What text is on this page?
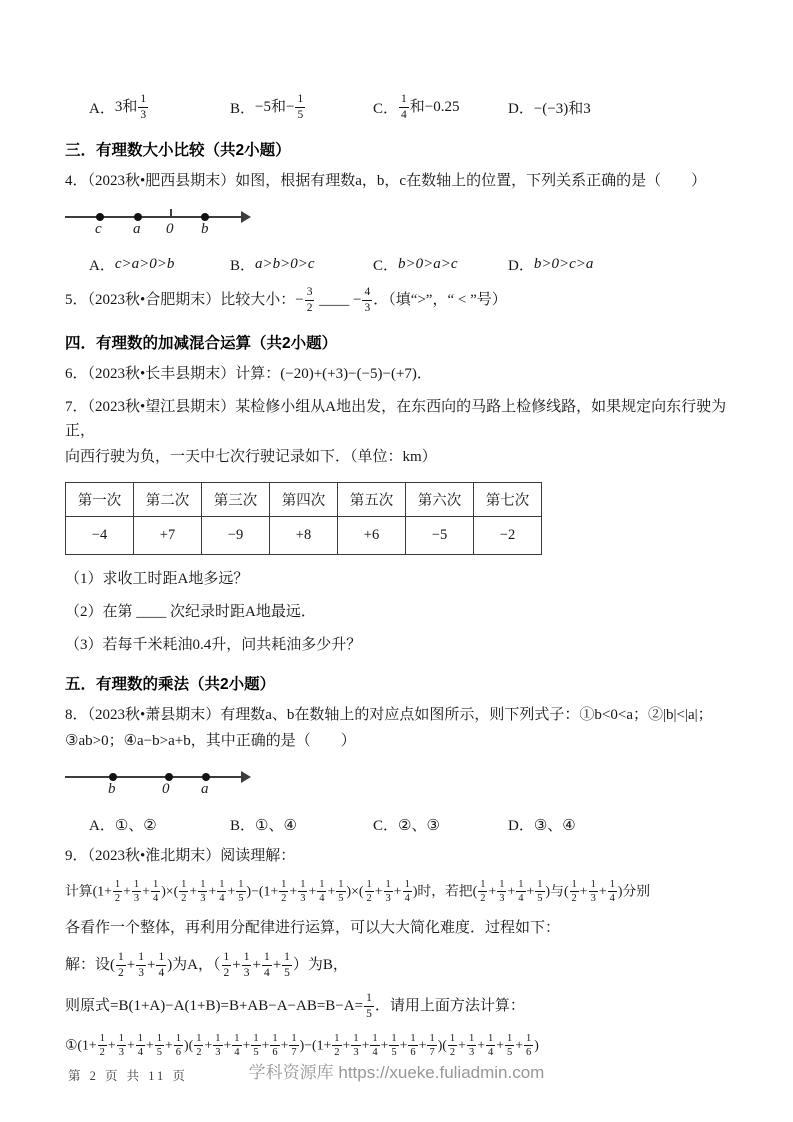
A． 3和 $\frac{1}{3}$	B． −5和− $\frac{1}{5}$	C． $\frac{1}{4}$ 和−0.25	D． −(−3)和3
三．有理数大小比较（共2小题）
4．（2023秋•肥西县期末）如图，根据有理数a，b，c在数轴上的位置，下列关系正确的是（　　）
c a 0 b
A． c>a>0>b	B． a>b>0>c	C． b>0>a>c	D． b>0>c>a
5．（2023秋•合肥期末）比较大小：− $\frac{3}{2}$ ____ − $\frac{4}{3}$ ．（填“>”，“ < ”号）
四．有理数的加减混合运算（共2小题）
6．（2023秋•长丰县期末）计算：(−20)+(+3)−(−5)−(+7)．
7．（2023秋•望江县期末）某检修小组从A地出发，在东西向的马路上检修线路，如果规定向东行驶为正，
向西行驶为负，一天中七次行驶记录如下．（单位：km）
第一次	第二次	第三次	第四次	第五次	第六次	第七次
−4	+7	−9	+8	+6	−5	−2
（1）求收工时距A地多远？
（2）在第 ____ 次纪录时距A地最远．
（3）若每千米耗油0.4升，问共耗油多少升？
五．有理数的乘法（共2小题）
8．（2023秋•萧县期末）有理数a、b在数轴上的对应点如图所示，则下列式子：①b<0<a；②|b|<|a|；
③ab>0；④a−b>a+b，其中正确的是（　　）
b	0 a
A． ①、②	B． ①、④	C． ②、③	D． ③、④
9．（2023秋•淮北期末）阅读理解：
计算($1+ \frac{1}{2} + \frac{1}{3} + \frac{1}{4}$ )×( $\frac{1}{2} + \frac{1}{3} + \frac{1}{4} + \frac{1}{5} )-(1+ \frac{1}{2} + \frac{1}{3} + \frac{1}{4} + \frac{1}{5}$ )×( $\frac{1}{2} + \frac{1}{3} + \frac{1}{4}$ )时，若把( $\frac{1}{2} + \frac{1}{3} + \frac{1}{4} + \frac{1}{5}$ )与( $\frac{1}{2} + \frac{1}{3} + \frac{1}{4}$ )分别
各看作一个整体，再利用分配律进行运算，可以大大简化难度．过程如下：
解：设( $\frac{1}{2} + \frac{1}{3} + \frac{1}{4}$ )为A，（ $\frac{1}{2} + \frac{1}{3} + \frac{1}{4} + \frac{1}{5}$ ）为B，
则原式$=B(1+A)-A(1+B)=B+AB-A-AB=B-A= \frac{1}{5}$ ．请用上面方法计算：
①(1+ $\frac{1}{2} + \frac{1}{3} + \frac{1}{4} + \frac{1}{5} + \frac{1}{6}$ )( $\frac{1}{2} + \frac{1}{3} + \frac{1}{4} + \frac{1}{5} + \frac{1}{6} + \frac{1}{7} )-(1+ \frac{1}{2} + \frac{1}{3} + \frac{1}{4} + \frac{1}{5} + \frac{1}{6} + \frac{1}{7}$ )( $\frac{1}{2} + \frac{1}{3} + \frac{1}{4} + \frac{1}{5} + \frac{1}{6}$ )
第 2 页 共 11 页	学科资源库 https://xueke.fuliadmin.com
